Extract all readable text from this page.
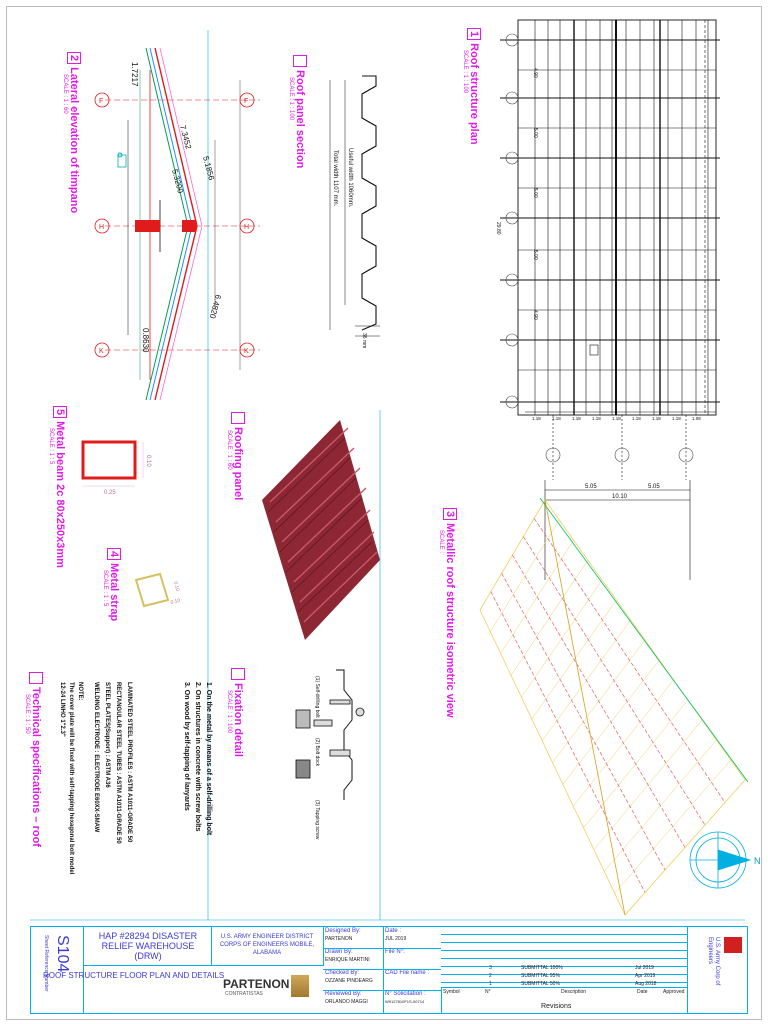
5.05	5.05
10.10
29.80
4.90
5.00
5.00
5.00
4.90
1.18 1.18 1.18 1.18 1.18 1.18 1.18 1.18 1.08
F
H
K
F
H
K
1.7217
7.3452
5.1856
5.3200
6.4820
0.8630
Useful width 1060mm.
Total width 1107 mm.
36 mm
0.25
0.10
0.10
0.10
N
1Roof structure plan
SCALE : 1 : 100
2Lateral elevation of timpano
SCALE : 1 : 60	Roof panel section
SCALE : 1 : 100
Roofing panel
SCALE : 1 : 60
5Metal beam 2c 80x250x3mm
SCALE : 1 : 5
4Metal strap
SCALE : 1 : 5
3Metallic roof structure isometric view
SCALE :
Fixation detail
SCALE : 1 : 100
1. On the metal by means of a self-drilling bolt
2. On structures in concrete with screw bolts
3. On wood by self-tapping of lanyards	(1) Self-drilling bolt
(2) Bolt dock
(3) Tapping screw
Technical specifications – roof
SCALE : 1 : 50	LAMINATED STEEL PROFILES : ASTM A1011-GRADE 50
RECTANGULAR STEEL TUBES : ASTM A1011-GRADE 50
STEEL PLATES(Support) : ASTM A36
WELDING ELECTRODE : ELECTRODE E60XX-SMAW
NOTE:
The cover plate will be fixed with self-tapping hexagonal bolt model
12-24 LINHO 1"2.3"
S104
Sheet Reference Number	HAP #28294 DISASTER RELIEF WAREHOUSE (DRW)
ROOF STRUCTURE FLOOR PLAN AND DETAILS
U.S. ARMY ENGINEER DISTRICT CORPS OF ENGINEERS MOBILE, ALABAMA
PARTENON
CONTRATISTAS
Designed By:
PARTENON
Drawn By:
ENRIQUE MARTINI
Checked By:
OZZANE PINDEARG
Reviewed By:
ORLANDO MAGGI
Date :
JUL 2019
File N°:
CAD File name :
N° Solicitation :
W9127810F1S-00714
3	SUBMITTAL 100%	Jul 2019
2	SUBMITTAL 95%	Apr 2019
1	SUBMITTAL 50%	Aug 2018
Symbol	N°	Description	Date	Approved
Revisions
U.S. Army Corp of Engineers
